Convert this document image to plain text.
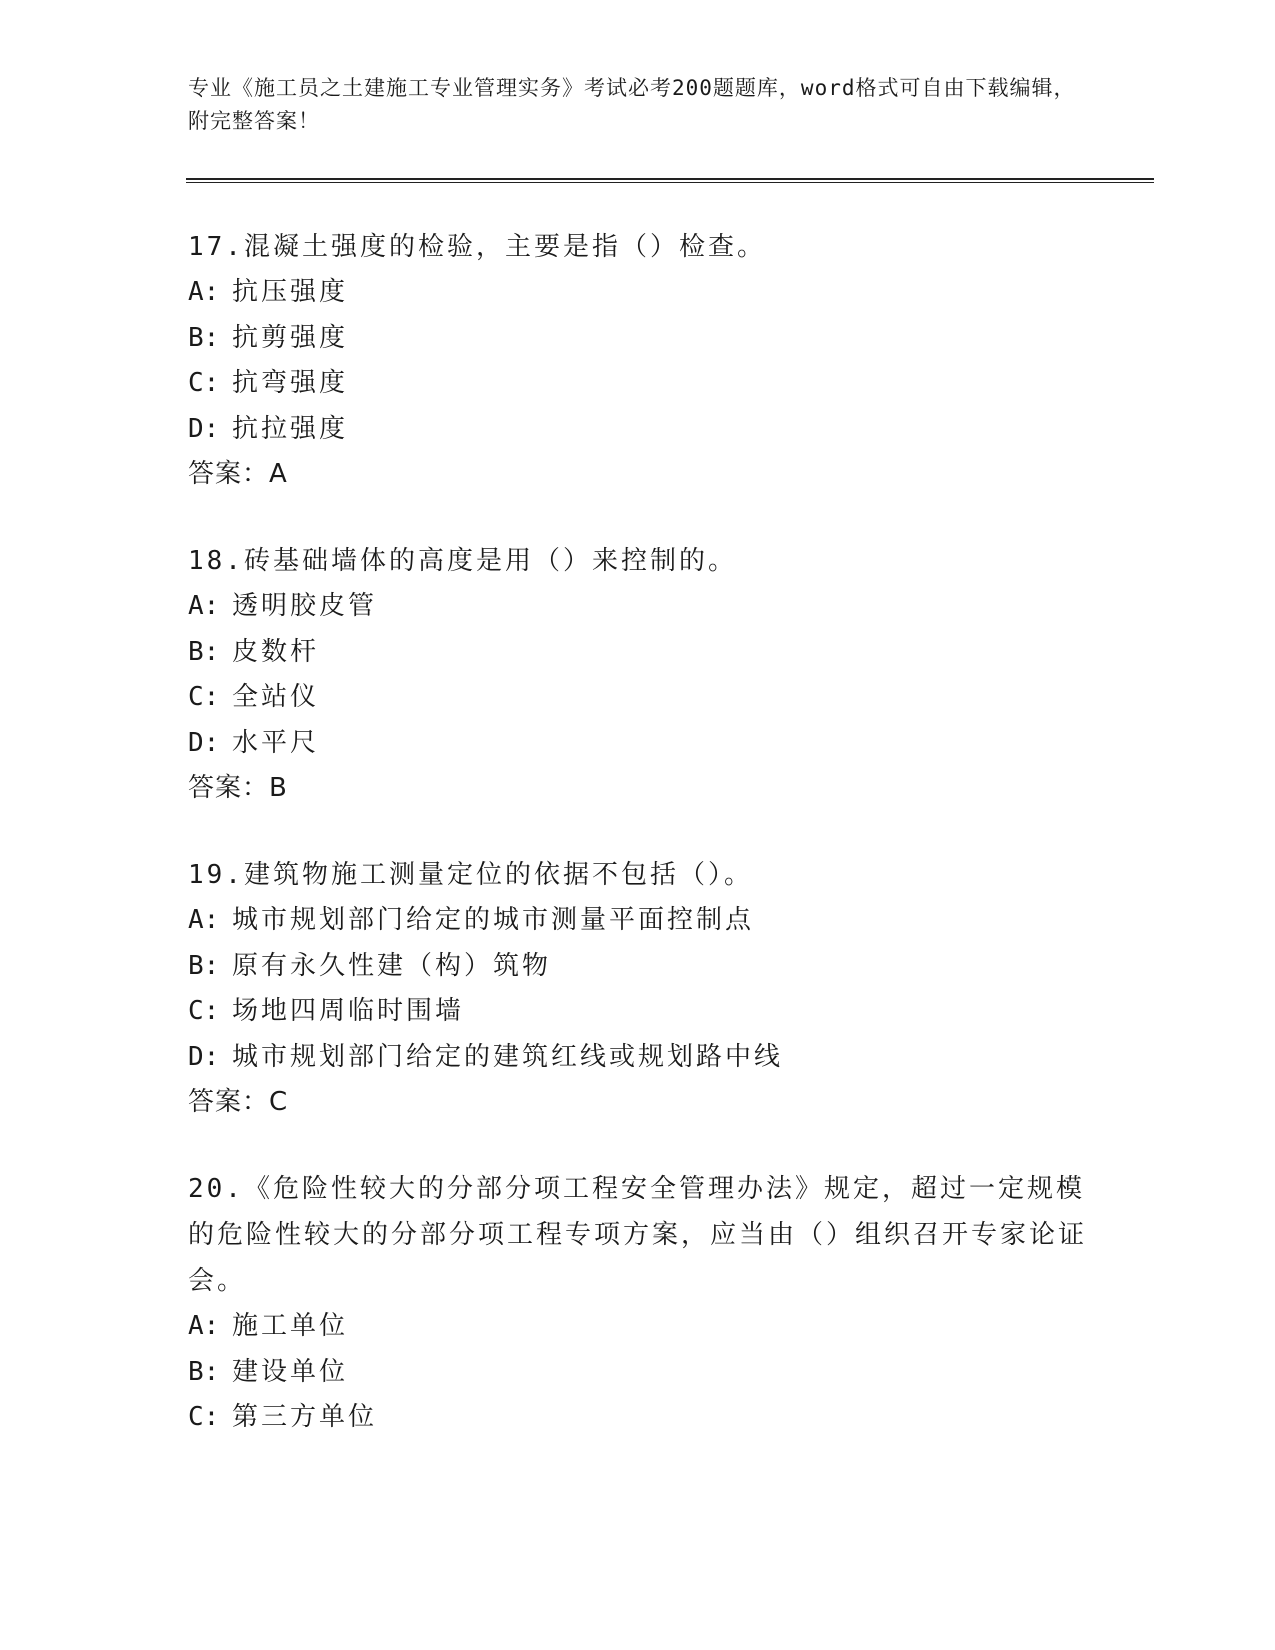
专业《施工员之土建施工专业管理实务》考试必考200题题库，word格式可自由下载编辑，附完整答案！

17.混凝土强度的检验，主要是指（）检查。

A: 抗压强度

B: 抗剪强度

C: 抗弯强度

D: 抗拉强度

答案：A

18.砖基础墙体的高度是用（）来控制的。

A: 透明胶皮管

B: 皮数杆

C: 全站仪

D: 水平尺

答案：B

19.建筑物施工测量定位的依据不包括（）。

A: 城市规划部门给定的城市测量平面控制点

B: 原有永久性建（构）筑物

C: 场地四周临时围墙

D: 城市规划部门给定的建筑红线或规划路中线

答案：C

20.《危险性较大的分部分项工程安全管理办法》规定，超过一定规模的危险性较大的分部分项工程专项方案，应当由（）组织召开专家论证会。

A: 施工单位

B: 建设单位

C: 第三方单位
